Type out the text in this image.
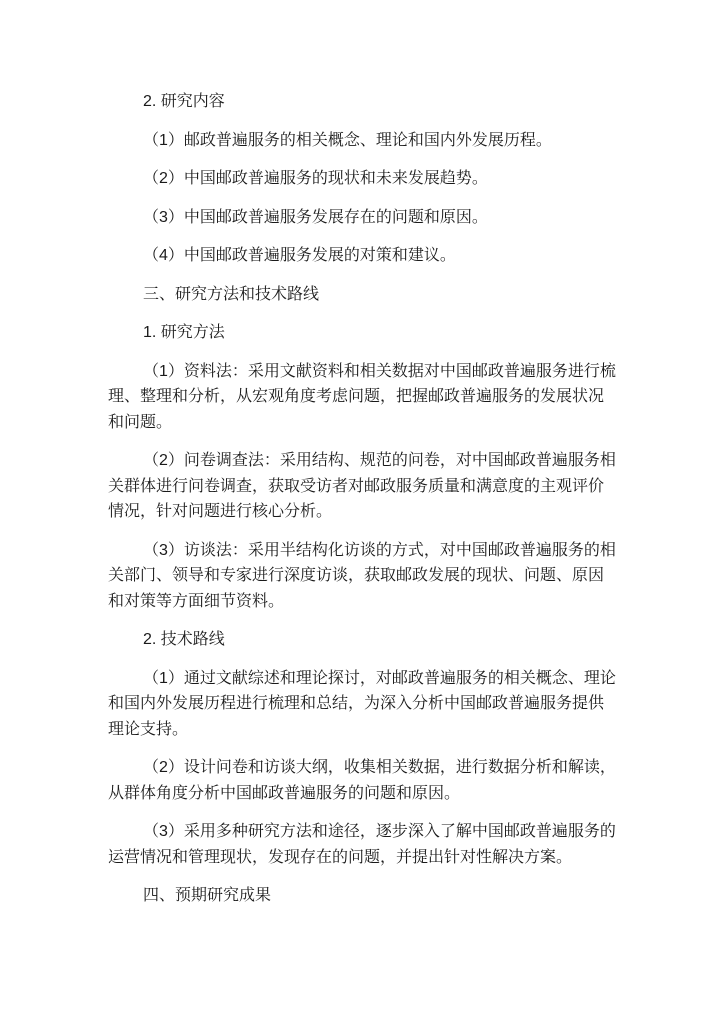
2. 研究内容

（1）邮政普遍服务的相关概念、理论和国内外发展历程。

（2）中国邮政普遍服务的现状和未来发展趋势。

（3）中国邮政普遍服务发展存在的问题和原因。

（4）中国邮政普遍服务发展的对策和建议。

三、研究方法和技术路线

1. 研究方法

（1）资料法：采用文献资料和相关数据对中国邮政普遍服务进行梳
理、整理和分析，从宏观角度考虑问题，把握邮政普遍服务的发展状况
和问题。

（2）问卷调查法：采用结构、规范的问卷，对中国邮政普遍服务相
关群体进行问卷调查，获取受访者对邮政服务质量和满意度的主观评价
情况，针对问题进行核心分析。

（3）访谈法：采用半结构化访谈的方式，对中国邮政普遍服务的相
关部门、领导和专家进行深度访谈，获取邮政发展的现状、问题、原因
和对策等方面细节资料。

2. 技术路线

（1）通过文献综述和理论探讨，对邮政普遍服务的相关概念、理论
和国内外发展历程进行梳理和总结，为深入分析中国邮政普遍服务提供
理论支持。

（2）设计问卷和访谈大纲，收集相关数据，进行数据分析和解读，
从群体角度分析中国邮政普遍服务的问题和原因。

（3）采用多种研究方法和途径，逐步深入了解中国邮政普遍服务的
运营情况和管理现状，发现存在的问题，并提出针对性解决方案。

四、预期研究成果
